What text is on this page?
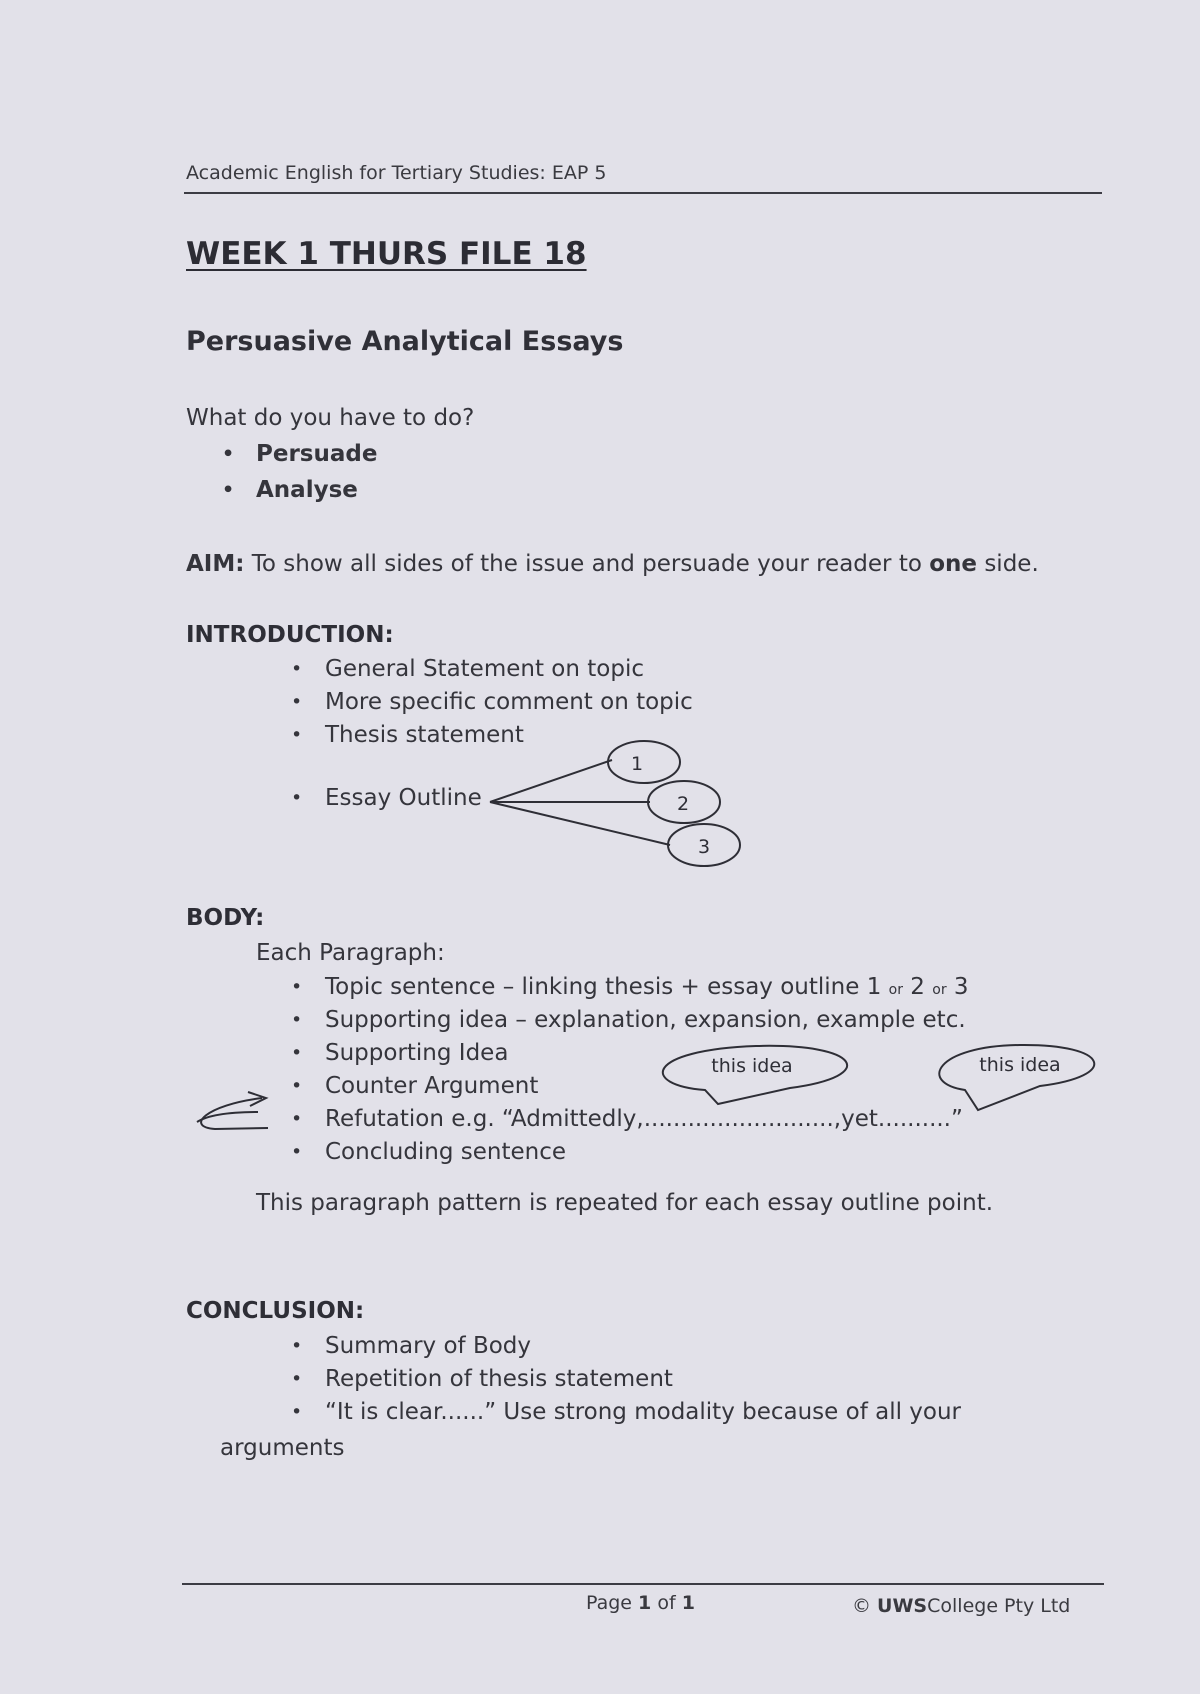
Academic English for Tertiary Studies: EAP 5
WEEK 1 THURS FILE 18
Persuasive Analytical Essays
What do you have to do?
• Persuade
• Analyse
AIM: To show all sides of the issue and persuade your reader to one side.
INTRODUCTION:
• General Statement on topic
• More specific comment on topic
• Thesis statement
• Essay Outline
1
2
3
this idea	this idea
BODY:
Each Paragraph:
• Topic sentence – linking thesis + essay outline 1 or 2 or 3
• Supporting idea – explanation, expansion, example etc.
• Supporting Idea
• Counter Argument
• Refutation e.g. “Admittedly,..........................,yet..........”
• Concluding sentence
This paragraph pattern is repeated for each essay outline point.
CONCLUSION:
• Summary of Body
• Repetition of thesis statement
• “It is clear......” Use strong modality because of all your
arguments
Page 1 of 1	© UWSCollege Pty Ltd
